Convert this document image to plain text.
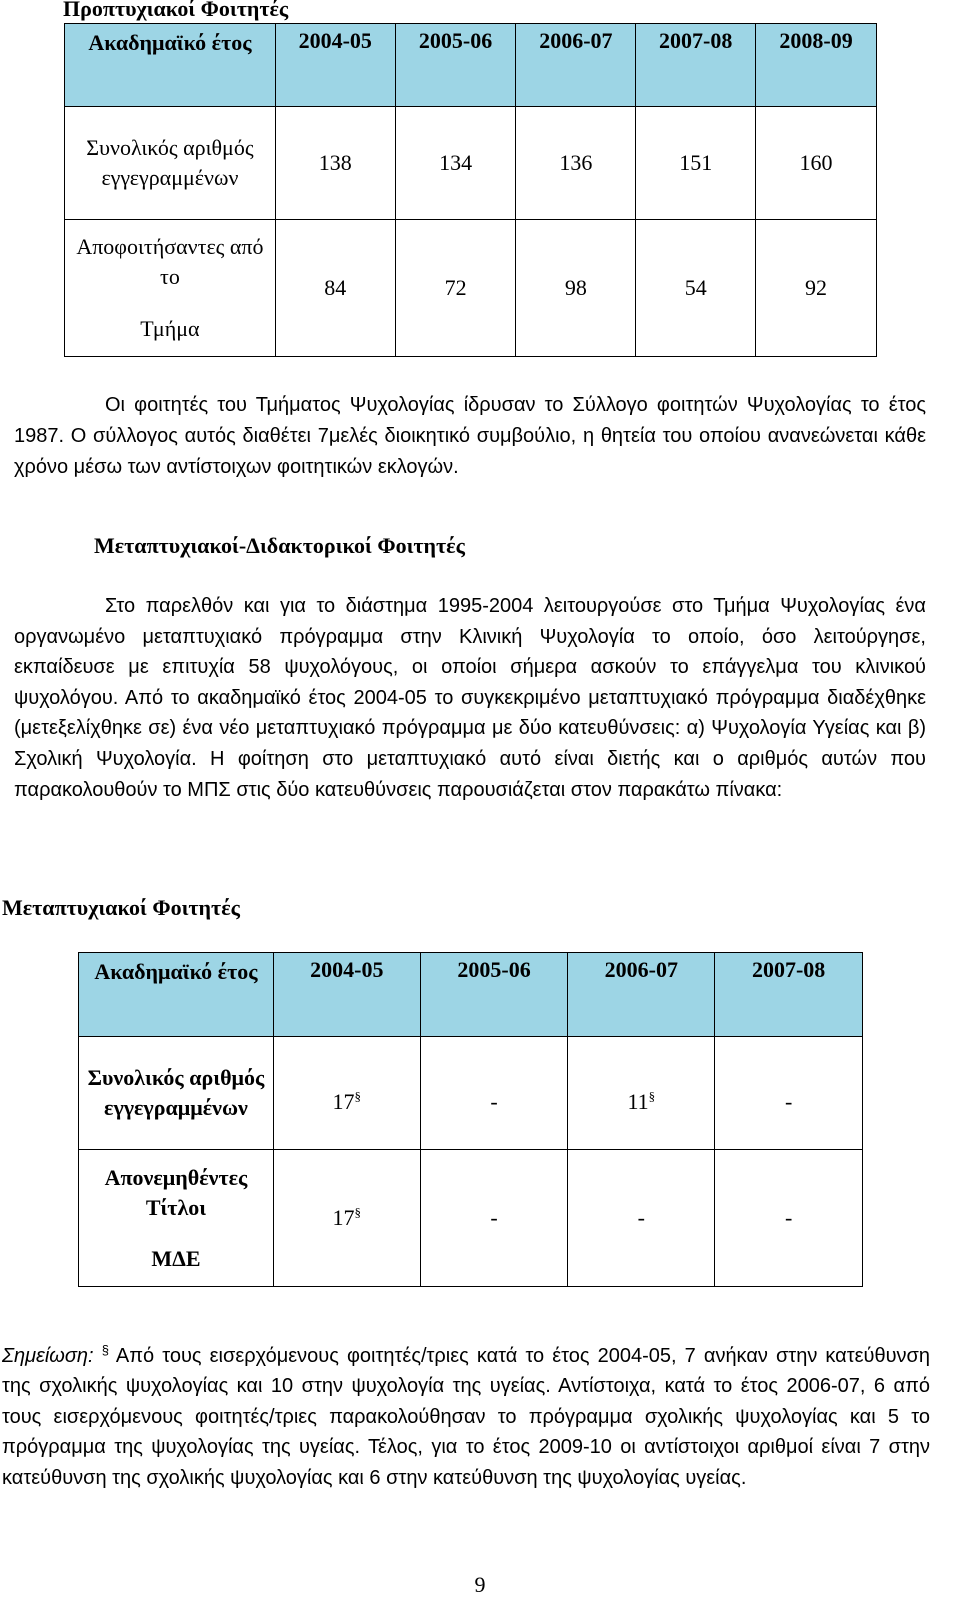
Προπτυχιακοί Φοιτητές
Ακαδημαϊκό έτος	2004-05	2005-06	2006-07	2007-08	2008-09
Συνολικός αριθμός εγγεγραμμένων	138	134	136	151	160

Αποφοιτήσαντες από το
Τμήμα	84	72	98	54	92

Οι φοιτητές του Τμήματος Ψυχολογίας ίδρυσαν το Σύλλογο φοιτητών Ψυχολογίας το έτος 1987. Ο σύλλογος αυτός διαθέτει 7μελές διοικητικό συμβούλιο, η θητεία του οποίου ανανεώνεται κάθε χρόνο μέσω των αντίστοιχων φοιτητικών εκλογών.

Μεταπτυχιακοί-Διδακτορικοί Φοιτητές

Στο παρελθόν και για το διάστημα 1995-2004 λειτουργούσε στο Τμήμα Ψυχολογίας ένα οργανωμένο μεταπτυχιακό πρόγραμμα στην Κλινική Ψυχολογία το οποίο, όσο λειτούργησε, εκπαίδευσε με επιτυχία 58 ψυχολόγους, οι οποίοι σήμερα ασκούν το επάγγελμα του κλινικού ψυχολόγου. Από το ακαδημαϊκό έτος 2004-05 το συγκεκριμένο μεταπτυχιακό πρόγραμμα διαδέχθηκε (μετεξελίχθηκε σε) ένα νέο μεταπτυχιακό πρόγραμμα με δύο κατευθύνσεις: α) Ψυχολογία Υγείας και β) Σχολική Ψυχολογία. Η φοίτηση στο μεταπτυχιακό αυτό είναι διετής και ο αριθμός αυτών που παρακολουθούν το ΜΠΣ στις δύο κατευθύνσεις παρουσιάζεται στον παρακάτω πίνακα:

Μεταπτυχιακοί Φοιτητές
Ακαδημαϊκό έτος	2004-05	2005-06	2006-07	2007-08
Συνολικός αριθμός εγγεγραμμένων	17§	-	11§	-

Απονεμηθέντες Τίτλοι
ΜΔΕ	17§	-	-	-

Σημείωση: § Από τους εισερχόμενους φοιτητές/τριες κατά το έτος 2004-05, 7 ανήκαν στην κατεύθυνση της σχολικής ψυχολογίας και 10 στην ψυχολογία της υγείας. Αντίστοιχα, κατά το έτος 2006-07, 6 από τους εισερχόμενους φοιτητές/τριες παρακολούθησαν το πρόγραμμα σχολικής ψυχολογίας και 5 το πρόγραμμα της ψυχολογίας της υγείας. Τέλος, για το έτος 2009-10 οι αντίστοιχοι αριθμοί είναι 7 στην κατεύθυνση της σχολικής ψυχολογίας και 6 στην κατεύθυνση της ψυχολογίας υγείας.

9
